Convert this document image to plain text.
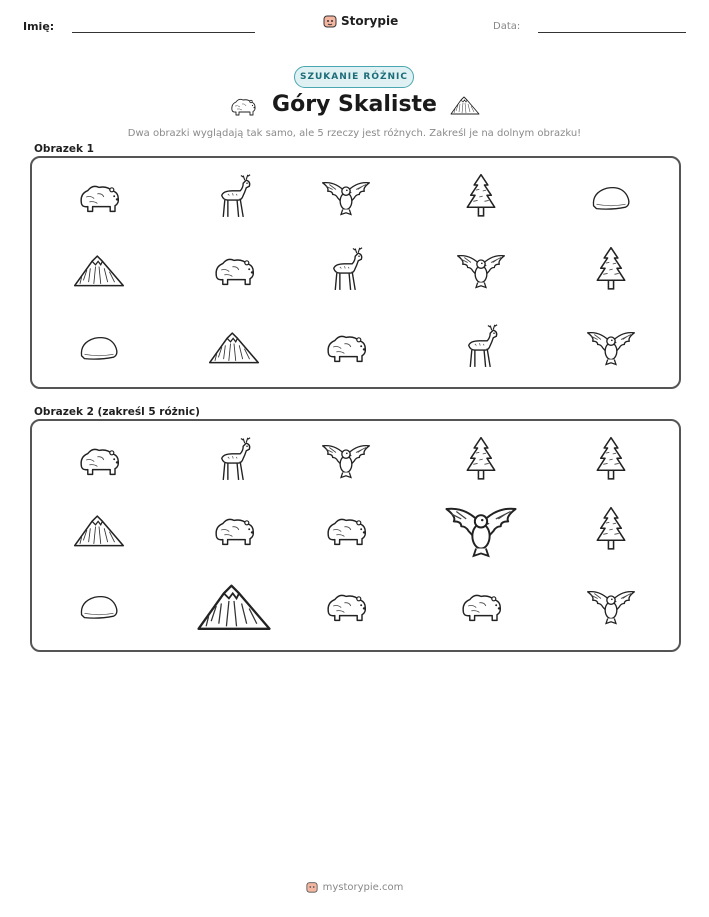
Imię:	Storypie	Data:
SZUKANIE RÓŻNIC
Góry Skaliste
Dwa obrazki wyglądają tak samo, ale 5 rzeczy jest różnych. Zakreśl je na dolnym obrazku!
Obrazek 1
Obrazek 2 (zakreśl 5 różnic)
mystorypie.com
